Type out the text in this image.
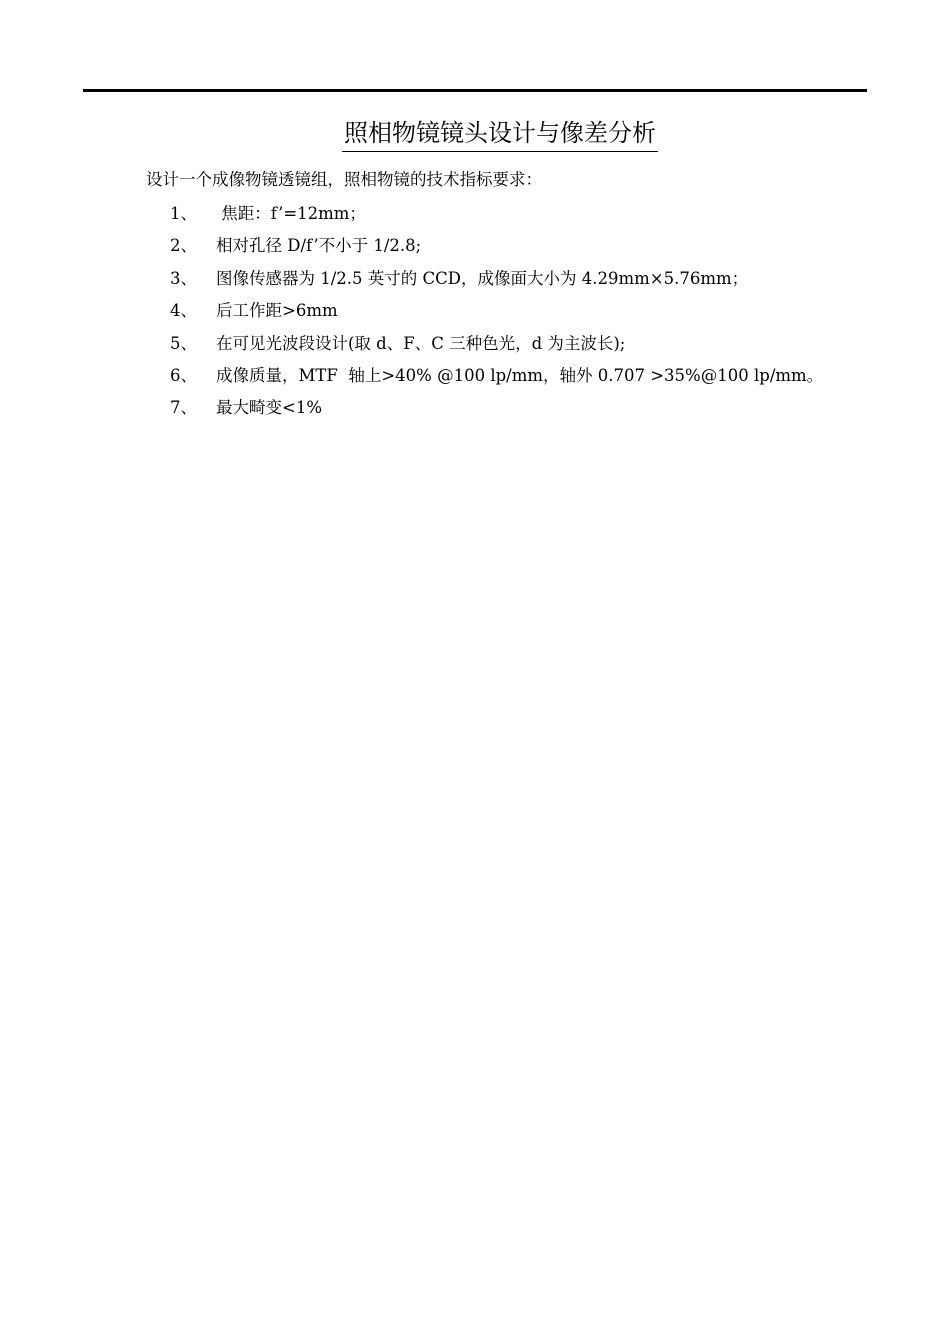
照相物镜镜头设计与像差分析
设计一个成像物镜透镜组，照相物镜的技术指标要求：
1、	焦距：f’=12mm；
2、	相对孔径 D/f’不小于 1/2.8;
3、	图像传感器为 1/2.5 英寸的 CCD，成像面大小为 4.29mm×5.76mm；
4、	后工作距>6mm
5、	在可见光波段设计(取 d、F、C 三种色光，d 为主波长);
6、	成像质量，MTF  轴上>40% @100 lp/mm，轴外 0.707 >35%@100 lp/mm。
7、	最大畸变<1%
